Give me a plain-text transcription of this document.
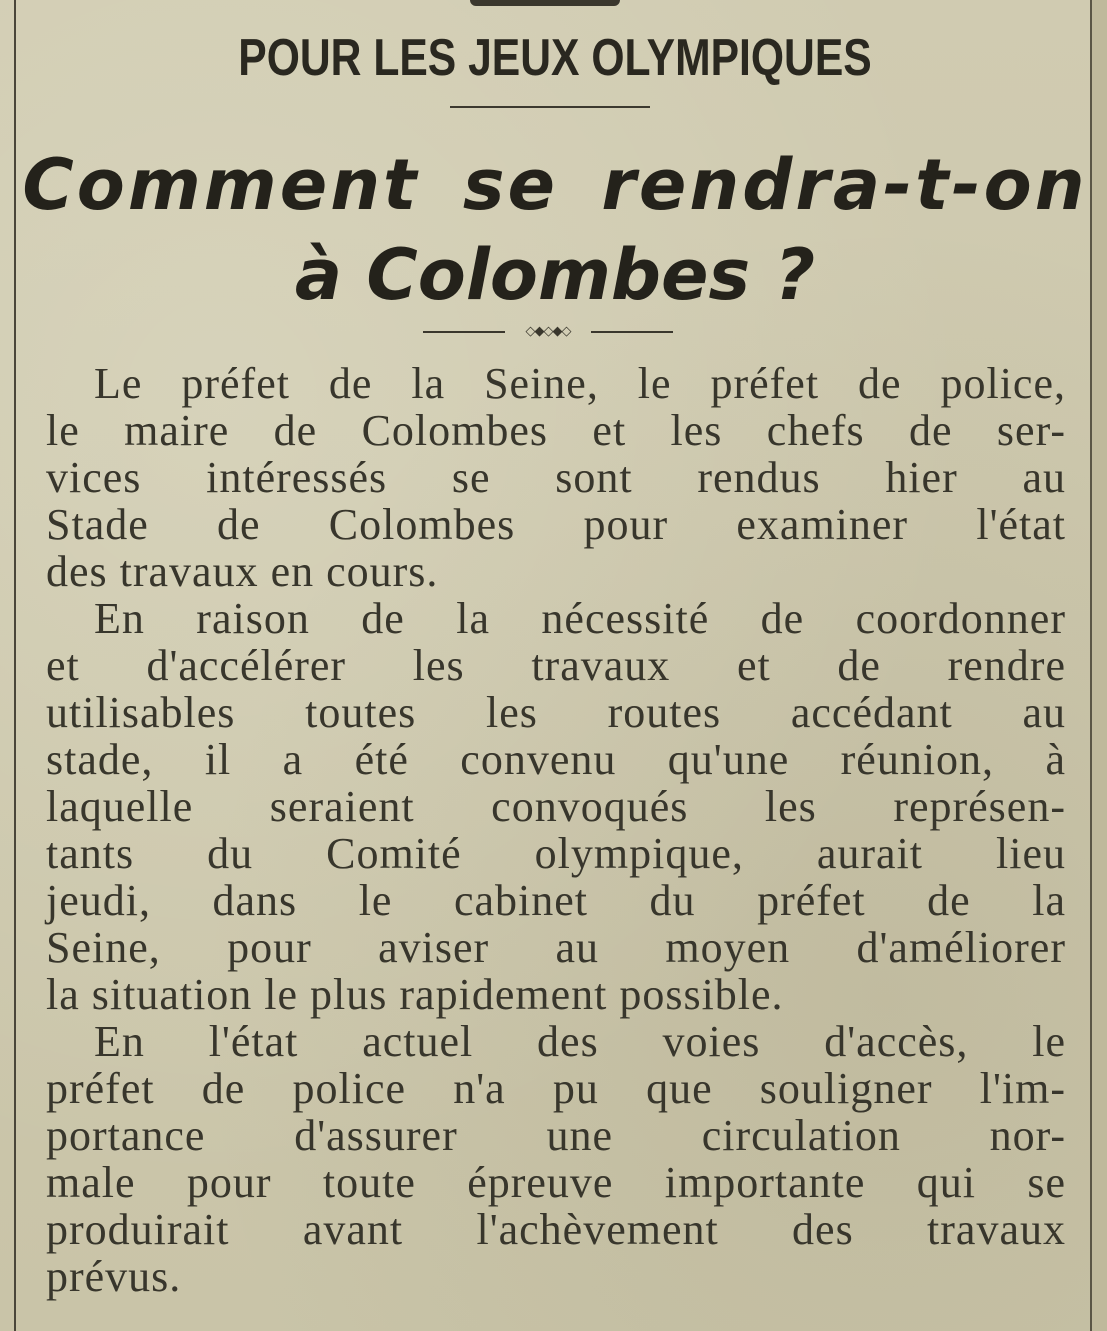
POUR LES JEUX OLYMPIQUES
Comment se rendra-t-on
à Colombes ?
◇◆◇◆◇
Le préfet de la Seine, le préfet de police,
le maire de Colombes et les chefs de ser-
vices intéressés se sont rendus hier au
Stade de Colombes pour examiner l'état
des travaux en cours.
En raison de la nécessité de coordonner
et d'accélérer les travaux et de rendre
utilisables toutes les routes accédant au
stade, il a été convenu qu'une réunion, à
laquelle seraient convoqués les représen-
tants du Comité olympique, aurait lieu
jeudi, dans le cabinet du préfet de la
Seine, pour aviser au moyen d'améliorer
la situation le plus rapidement possible.
En l'état actuel des voies d'accès, le
préfet de police n'a pu que souligner l'im-
portance d'assurer une circulation nor-
male pour toute épreuve importante qui se
produirait avant l'achèvement des travaux
prévus.
